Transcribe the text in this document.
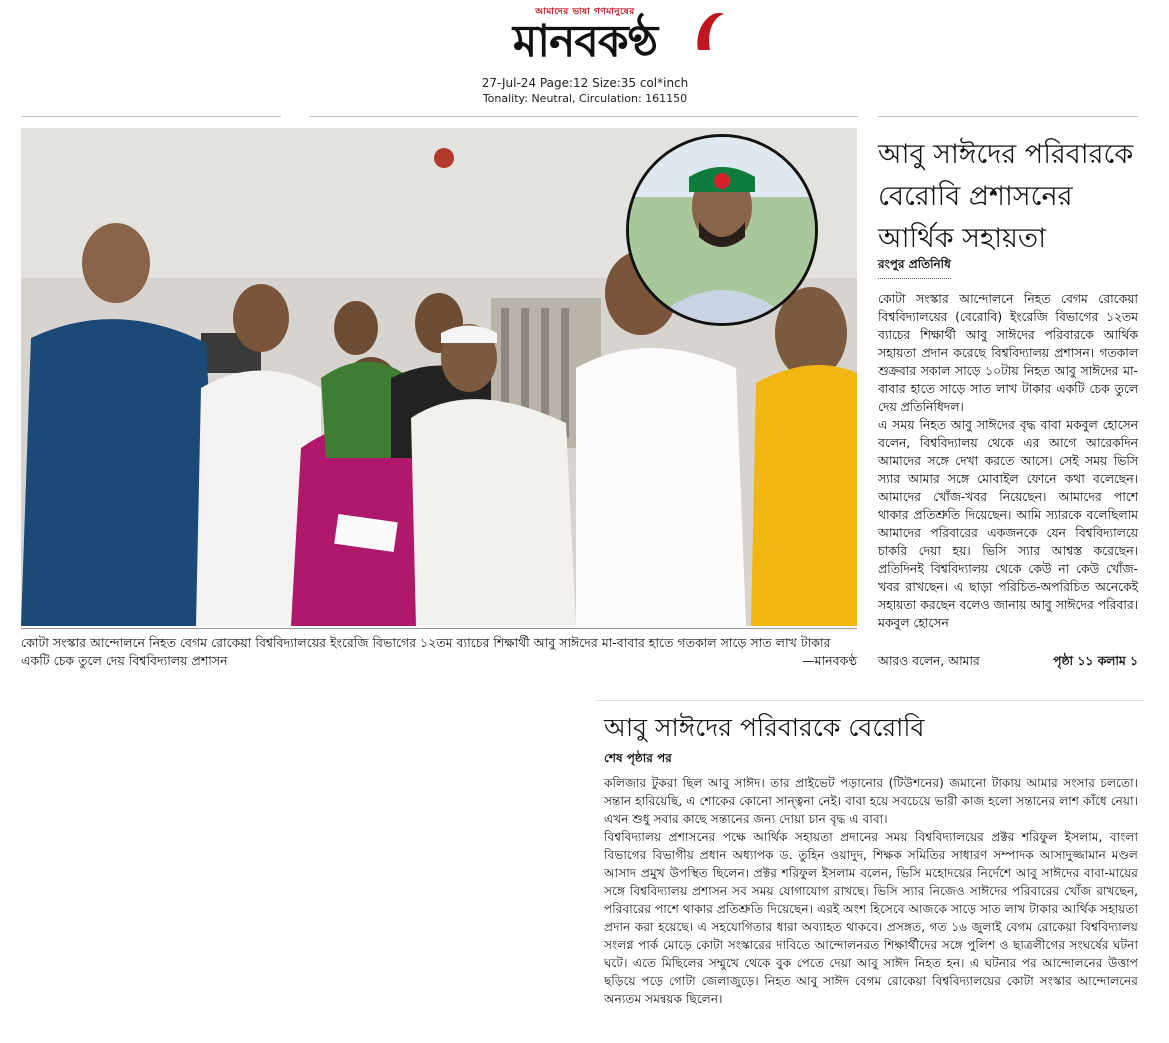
আমাদের ভাষা গণমানুষের
মানবকণ্ঠ
27-Jul-24 Page:12 Size:35 col*inch
Tonality: Neutral, Circulation: 161150
কোটা সংস্কার আন্দোলনে নিহত বেগম রোকেয়া বিশ্ববিদ্যালয়ের ইংরেজি বিভাগের ১২তম ব্যাচের শিক্ষার্থী আবু সাঈদের মা-বাবার হাতে গতকাল সাড়ে সাত লাখ টাকার একটি চেক তুলে দেয় বিশ্ববিদ্যালয় প্রশাসন	—মানবকণ্ঠ
আবু সাঈদের পরিবারকে বেরোবি প্রশাসনের আর্থিক সহায়তা
রংপুর প্রতিনিধি

কোটা সংস্কার আন্দোলনে নিহত বেগম রোকেয়া বিশ্ববিদ্যালয়ের (বেরোবি) ইংরেজি বিভাগের ১২তম ব্যাচের শিক্ষার্থী আবু সাঈদের পরিবারকে আর্থিক সহায়তা প্রদান করেছে বিশ্ববিদ্যালয় প্রশাসন। গতকাল শুক্রবার সকাল সাড়ে ১০টায় নিহত আবু সাঈদের মা-বাবার হাতে সাড়ে সাত লাখ টাকার একটি চেক তুলে দেয় প্রতিনিধিদল।

এ সময় নিহত আবু সাঈদের বৃদ্ধ বাবা মকবুল হোসেন বলেন, বিশ্ববিদ্যালয় থেকে এর আগে আরেকদিন আমাদের সঙ্গে দেখা করতে আসে। সেই সময় ভিসি স্যার আমার সঙ্গে মোবাইল ফোনে কথা বলেছেন। আমাদের খোঁজ-খবর নিয়েছেন। আমাদের পাশে থাকার প্রতিশ্রুতি দিয়েছেন। আমি স্যারকে বলেছিলাম আমাদের পরিবারের একজনকে যেন বিশ্ববিদ্যালয়ে চাকরি দেয়া হয়। ভিসি স্যার আশ্বস্ত করেছেন। প্রতিদিনই বিশ্ববিদ্যালয় থেকে কেউ না কেউ খোঁজ-খবর রাখছেন। এ ছাড়া পরিচিত-অপরিচিত অনেকেই সহায়তা করছেন বলেও জানায় আবু সাঈদের পরিবার। মকবুল হোসেন

আরও বলেন, আমার	পৃষ্ঠা ১১ কলাম ১
আবু সাঈদের পরিবারকে বেরোবি
শেষ পৃষ্ঠার পর

কলিজার টুকরা ছিল আবু সাঈদ। তার প্রাইভেট পড়ানোর (টিউশনের) জমানো টাকায় আমার সংসার চলতো। সন্তান হারিয়েছি, এ শোকের কোনো সান্ত্বনা নেই। বাবা হয়ে সবচেয়ে ভারী কাজ হলো সন্তানের লাশ কাঁধে নেয়া। এখন শুধু সবার কাছে সন্তানের জন্য দোয়া চান বৃদ্ধ এ বাবা।

বিশ্ববিদ্যালয় প্রশাসনের পক্ষে আর্থিক সহায়তা প্রদানের সময় বিশ্ববিদ্যালয়ের প্রক্টর শরিফুল ইসলাম, বাংলা বিভাগের বিভাগীয় প্রধান অধ্যাপক ড. তুহিন ওয়াদুদ, শিক্ষক সমিতির সাধারণ সম্পাদক আসাদুজ্জামান মণ্ডল আসাদ প্রমুখ উপস্থিত ছিলেন। প্রক্টর শরিফুল ইসলাম বলেন, ভিসি মহোদয়ের নির্দেশে আবু সাঈদের বাবা-মায়ের সঙ্গে বিশ্ববিদ্যালয় প্রশাসন সব সময় যোগাযোগ রাখছে। ভিসি স্যার নিজেও সাঈদের পরিবারের খোঁজ রাখছেন, পরিবারের পাশে থাকার প্রতিশ্রুতি দিয়েছেন। এরই অংশ হিসেবে আজকে সাড়ে সাত লাখ টাকার আর্থিক সহায়তা প্রদান করা হয়েছে। এ সহযোগিতার ধারা অব্যাহত থাকবে। প্রসঙ্গত, গত ১৬ জুলাই বেগম রোকেয়া বিশ্ববিদ্যালয় সংলগ্ন পার্ক মোড়ে কোটা সংস্কারের দাবিতে আন্দোলনরত শিক্ষার্থীদের সঙ্গে পুলিশ ও ছাত্রলীগের সংঘর্ষের ঘটনা ঘটে। এতে মিছিলের সম্মুখে থেকে বুক পেতে দেয়া আবু সাঈদ নিহত হন। এ ঘটনার পর আন্দোলনের উত্তাপ ছড়িয়ে পড়ে গোটা জেলাজুড়ে। নিহত আবু সাঈদ বেগম রোকেয়া বিশ্ববিদ্যালয়ের কোটা সংস্কার আন্দোলনের অন্যতম সমন্বয়ক ছিলেন।
